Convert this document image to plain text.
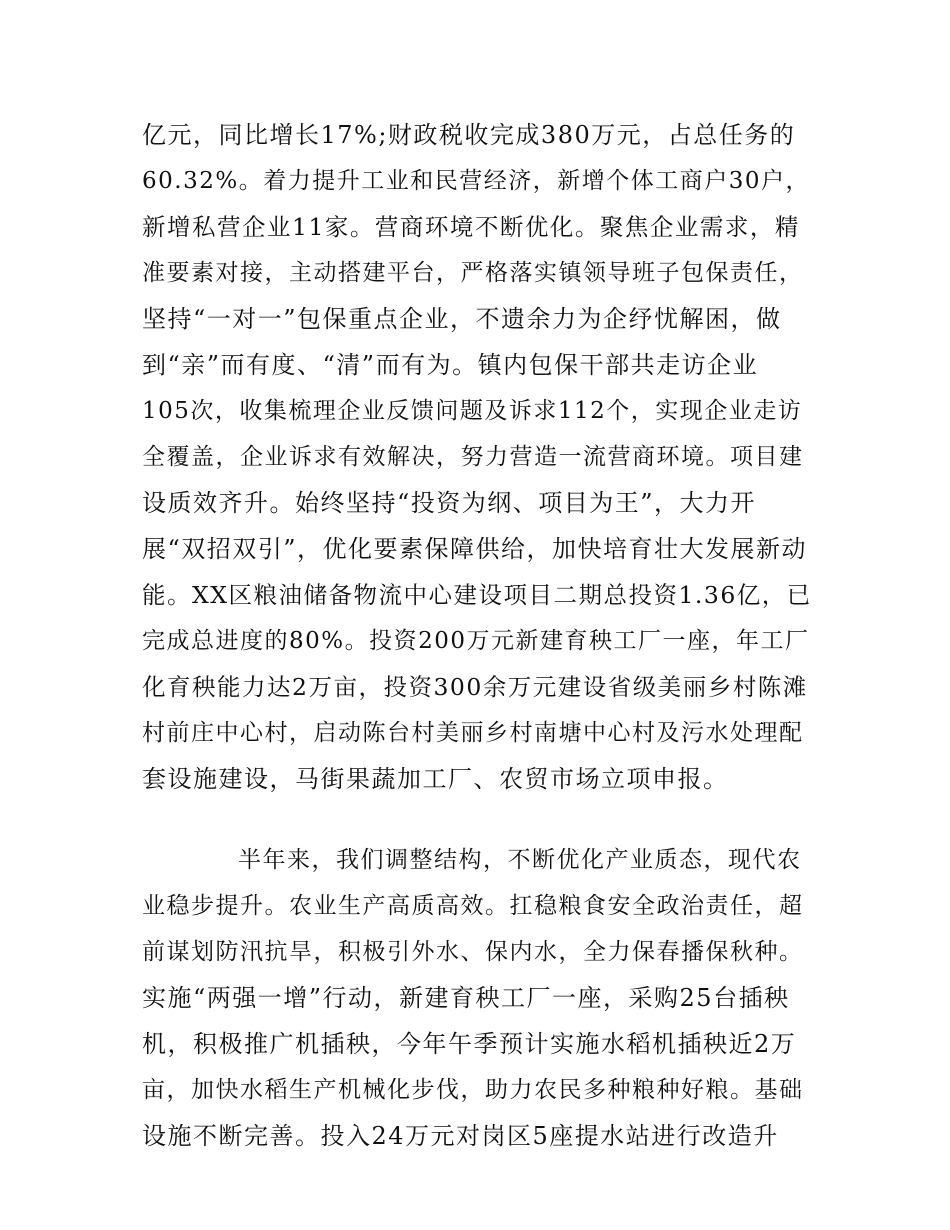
亿元，同比增长17%;财政税收完成380万元，占总任务的
60.32%。着力提升工业和民营经济，新增个体工商户30户，
新增私营企业11家。营商环境不断优化。聚焦企业需求，精
准要素对接，主动搭建平台，严格落实镇领导班子包保责任，
坚持“一对一”包保重点企业，不遗余力为企纾忧解困，做
到“亲”而有度、“清”而有为。镇内包保干部共走访企业
105次，收集梳理企业反馈问题及诉求112个，实现企业走访
全覆盖，企业诉求有效解决，努力营造一流营商环境。项目建
设质效齐升。始终坚持“投资为纲、项目为王”，大力开
展“双招双引”，优化要素保障供给，加快培育壮大发展新动
能。XX区粮油储备物流中心建设项目二期总投资1.36亿，已
完成总进度的80%。投资200万元新建育秧工厂一座，年工厂
化育秧能力达2万亩，投资300余万元建设省级美丽乡村陈滩
村前庄中心村，启动陈台村美丽乡村南塘中心村及污水处理配
套设施建设，马街果蔬加工厂、农贸市场立项申报。
半年来，我们调整结构，不断优化产业质态，现代农
业稳步提升。农业生产高质高效。扛稳粮食安全政治责任，超
前谋划防汛抗旱，积极引外水、保内水，全力保春播保秋种。
实施“两强一增”行动，新建育秧工厂一座，采购25台插秧
机，积极推广机插秧，今年午季预计实施水稻机插秧近2万
亩，加快水稻生产机械化步伐，助力农民多种粮种好粮。基础
设施不断完善。投入24万元对岗区5座提水站进行改造升
